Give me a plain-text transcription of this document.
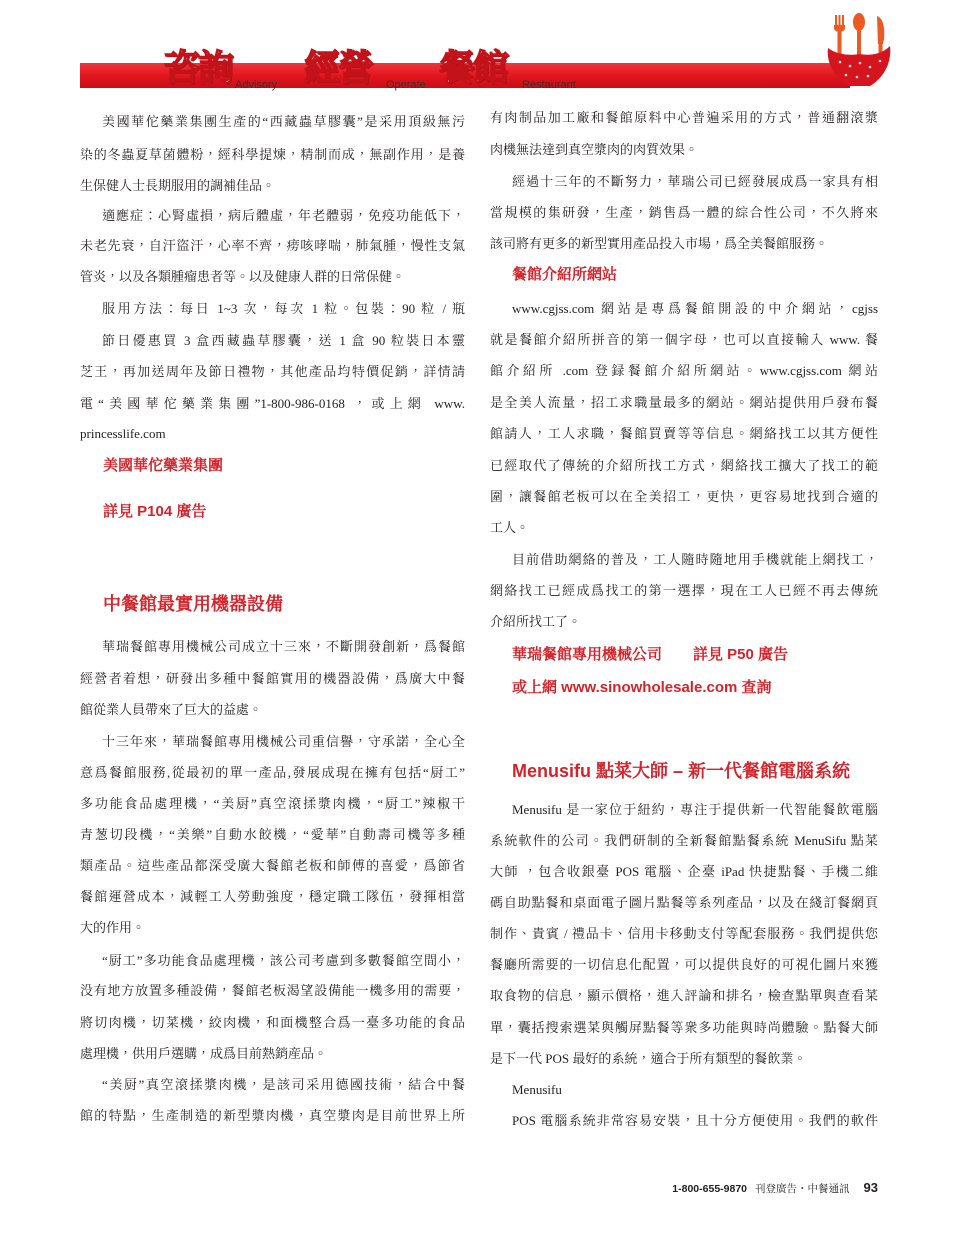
咨詢 Advisory 經營 Operate 餐館 Restaurant
美國華佗藥業集團生產的“西藏蟲草膠囊”是采用頂級無污
染的冬蟲夏草菌體粉，經科學提煉，精制而成，無副作用，是養
生保健人士長期服用的調補佳品。
適應症：心腎虛損，病后體虛，年老體弱，免疫功能低下，
未老先衰，自汗盜汗，心率不齊，痨咳哮喘，肺氣腫，慢性支氣
管炎，以及各類腫瘤患者等。以及健康人群的日常保健。
服用方法：每日 1~3 次，每次 1 粒。包裝：90 粒 / 瓶
節日優惠買 3 盒西藏蟲草膠囊，送 1 盒 90 粒裝日本靈
芝王，再加送周年及節日禮物，其他產品均特價促銷，詳情請
電“美國華佗藥業集團”1-800-986-0168 ，或上網 www.
princesslife.com
美國華佗藥業集團
詳見 P104 廣告
中餐館最實用機器設備
華瑞餐館專用機械公司成立十三來，不斷開發創新，爲餐館
經營者着想，研發出多種中餐館實用的機器設備，爲廣大中餐
館從業人員帶來了巨大的益處。
十三年來，華瑞餐館專用機械公司重信譽，守承諾，全心全
意爲餐館服務,從最初的單一產品,發展成現在擁有包括“厨工”
多功能食品處理機，“美厨”真空滾揉漿肉機，“厨工”辣椒干
青葱切段機，“美樂”自動水餃機，“愛華”自動壽司機等多種
類產品。這些產品都深受廣大餐館老板和師傅的喜愛，爲節省
餐館運營成本，減輕工人勞動強度，穩定職工隊伍，發揮相當
大的作用。
“厨工”多功能食品處理機，該公司考慮到多數餐館空間小，
没有地方放置多種設備，餐館老板渴望設備能一機多用的需要，
將切肉機，切菜機，絞肉機，和面機整合爲一臺多功能的食品
處理機，供用户選購，成爲目前熱銷産品。
“美厨”真空滾揉漿肉機，是該司采用德國技術，結合中餐
館的特點，生產制造的新型漿肉機，真空漿肉是目前世界上所
有肉制品加工廠和餐館原料中心普遍采用的方式，普通翻滾漿
肉機無法達到真空漿肉的肉質效果。
經過十三年的不斷努力，華瑞公司已經發展成爲一家具有相
當規模的集研發，生產，銷售爲一體的綜合性公司，不久將來
該司將有更多的新型實用產品投入市場，爲全美餐館服務。
餐館介紹所網站
www.cgjss.com 網站是專爲餐館開設的中介網站，cgjss
就是餐館介紹所拼音的第一個字母，也可以直接輸入 www. 餐
館介紹所 .com 登録餐館介紹所網站。www.cgjss.com 網站
是全美人流量，招工求職量最多的網站。網站提供用户發布餐
館請人，工人求職，餐館買賣等等信息。網絡找工以其方便性
已經取代了傳統的介紹所找工方式，網絡找工擴大了找工的範
圍，讓餐館老板可以在全美招工，更快，更容易地找到合適的
工人。
目前借助網絡的普及，工人隨時隨地用手機就能上網找工，
網絡找工已經成爲找工的第一選擇，現在工人已經不再去傳統
介紹所找工了。
華瑞餐館專用機械公司 詳見 P50 廣告
或上網 www.sinowholesale.com 查詢
Menusifu 點菜大師 – 新一代餐館電腦系統
Menusifu 是一家位于紐約，專注于提供新一代智能餐飲電腦
系統軟件的公司。我們研制的全新餐館點餐系統 MenuSifu 點菜
大師 ，包含收銀臺 POS 電腦、企臺 iPad 快捷點餐、手機二維
碼自助點餐和桌面電子圖片點餐等系列產品，以及在綫訂餐網頁
制作、貴賓 / 禮品卡、信用卡移動支付等配套服務。我們提供您
餐廳所需要的一切信息化配置，可以提供良好的可視化圖片來獲
取食物的信息，顯示價格，進入評論和排名，檢查點單與查看菜
單，囊括搜索選菜與觸屏點餐等衆多功能與時尚體驗。點餐大師
是下一代 POS 最好的系統，適合于所有類型的餐飲業。
Menusifu
POS 電腦系統非常容易安裝，且十分方便使用。我們的軟件
1-800-655-9870 刊登廣告・中餐通訊 93
